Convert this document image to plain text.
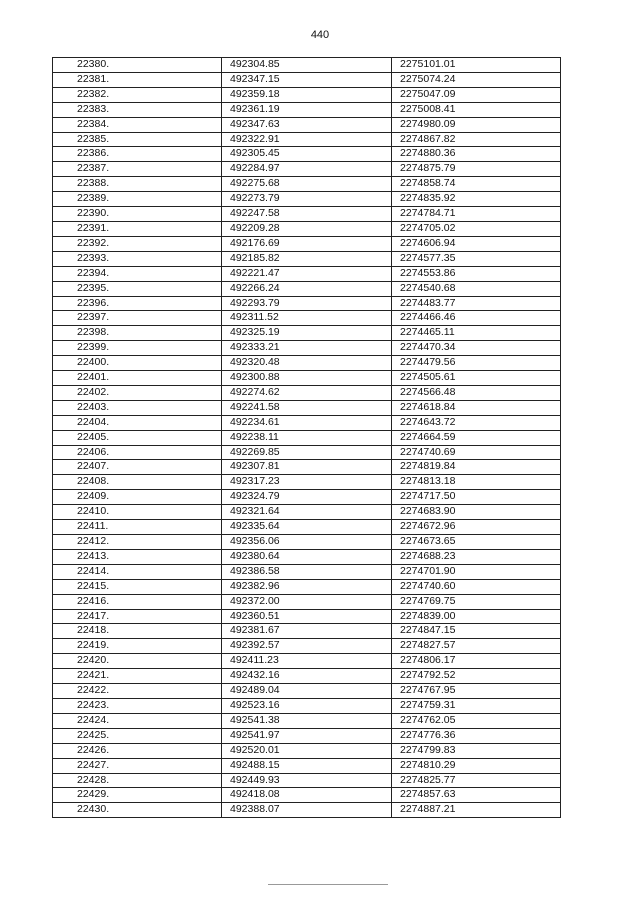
440
22380.	492304.85	2275101.01
22381.	492347.15	2275074.24
22382.	492359.18	2275047.09
22383.	492361.19	2275008.41
22384.	492347.63	2274980.09
22385.	492322.91	2274867.82
22386.	492305.45	2274880.36
22387.	492284.97	2274875.79
22388.	492275.68	2274858.74
22389.	492273.79	2274835.92
22390.	492247.58	2274784.71
22391.	492209.28	2274705.02
22392.	492176.69	2274606.94
22393.	492185.82	2274577.35
22394.	492221.47	2274553.86
22395.	492266.24	2274540.68
22396.	492293.79	2274483.77
22397.	492311.52	2274466.46
22398.	492325.19	2274465.11
22399.	492333.21	2274470.34
22400.	492320.48	2274479.56
22401.	492300.88	2274505.61
22402.	492274.62	2274566.48
22403.	492241.58	2274618.84
22404.	492234.61	2274643.72
22405.	492238.11	2274664.59
22406.	492269.85	2274740.69
22407.	492307.81	2274819.84
22408.	492317.23	2274813.18
22409.	492324.79	2274717.50
22410.	492321.64	2274683.90
22411.	492335.64	2274672.96
22412.	492356.06	2274673.65
22413.	492380.64	2274688.23
22414.	492386.58	2274701.90
22415.	492382.96	2274740.60
22416.	492372.00	2274769.75
22417.	492360.51	2274839.00
22418.	492381.67	2274847.15
22419.	492392.57	2274827.57
22420.	492411.23	2274806.17
22421.	492432.16	2274792.52
22422.	492489.04	2274767.95
22423.	492523.16	2274759.31
22424.	492541.38	2274762.05
22425.	492541.97	2274776.36
22426.	492520.01	2274799.83
22427.	492488.15	2274810.29
22428.	492449.93	2274825.77
22429.	492418.08	2274857.63
22430.	492388.07	2274887.21
